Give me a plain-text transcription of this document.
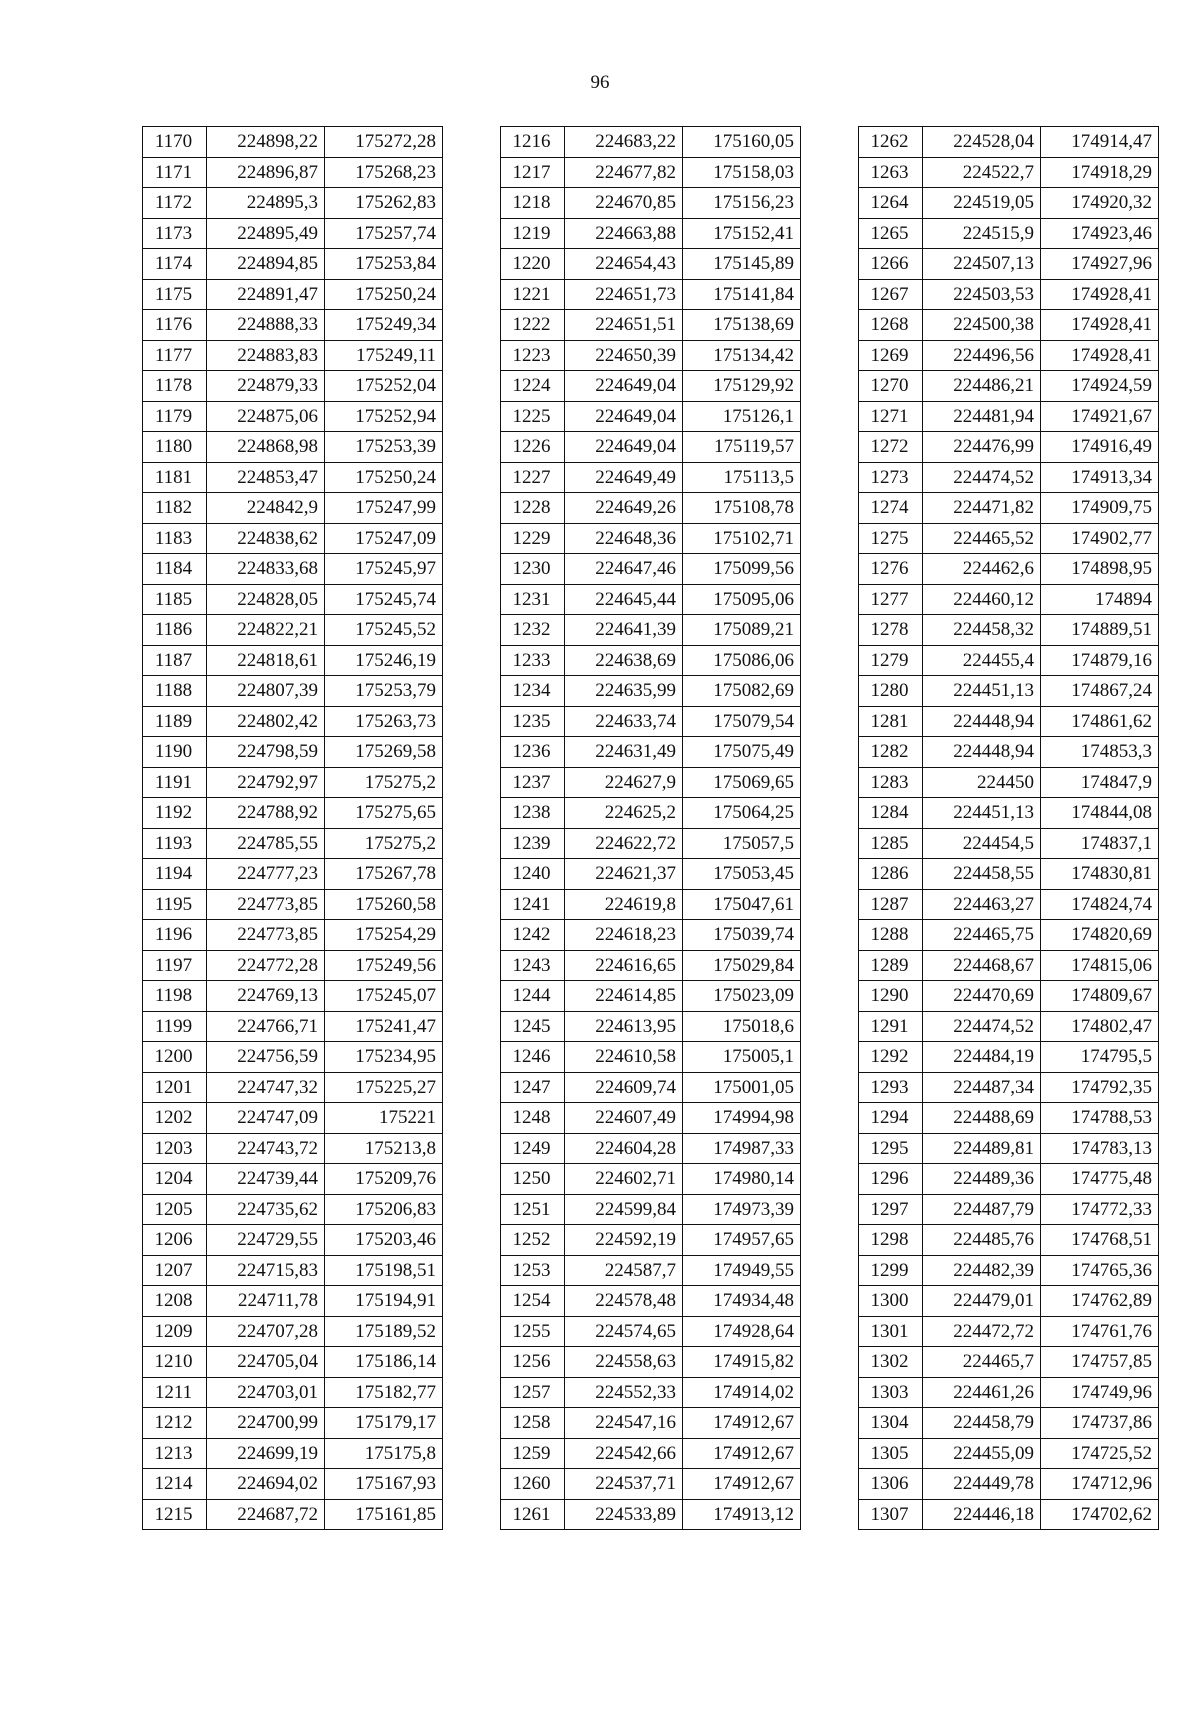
96
1170	224898,22	175272,28
1171	224896,87	175268,23
1172	224895,3	175262,83
1173	224895,49	175257,74
1174	224894,85	175253,84
1175	224891,47	175250,24
1176	224888,33	175249,34
1177	224883,83	175249,11
1178	224879,33	175252,04
1179	224875,06	175252,94
1180	224868,98	175253,39
1181	224853,47	175250,24
1182	224842,9	175247,99
1183	224838,62	175247,09
1184	224833,68	175245,97
1185	224828,05	175245,74
1186	224822,21	175245,52
1187	224818,61	175246,19
1188	224807,39	175253,79
1189	224802,42	175263,73
1190	224798,59	175269,58
1191	224792,97	175275,2
1192	224788,92	175275,65
1193	224785,55	175275,2
1194	224777,23	175267,78
1195	224773,85	175260,58
1196	224773,85	175254,29
1197	224772,28	175249,56
1198	224769,13	175245,07
1199	224766,71	175241,47
1200	224756,59	175234,95
1201	224747,32	175225,27
1202	224747,09	175221
1203	224743,72	175213,8
1204	224739,44	175209,76
1205	224735,62	175206,83
1206	224729,55	175203,46
1207	224715,83	175198,51
1208	224711,78	175194,91
1209	224707,28	175189,52
1210	224705,04	175186,14
1211	224703,01	175182,77
1212	224700,99	175179,17
1213	224699,19	175175,8
1214	224694,02	175167,93
1215	224687,72	175161,85
1216	224683,22	175160,05
1217	224677,82	175158,03
1218	224670,85	175156,23
1219	224663,88	175152,41
1220	224654,43	175145,89
1221	224651,73	175141,84
1222	224651,51	175138,69
1223	224650,39	175134,42
1224	224649,04	175129,92
1225	224649,04	175126,1
1226	224649,04	175119,57
1227	224649,49	175113,5
1228	224649,26	175108,78
1229	224648,36	175102,71
1230	224647,46	175099,56
1231	224645,44	175095,06
1232	224641,39	175089,21
1233	224638,69	175086,06
1234	224635,99	175082,69
1235	224633,74	175079,54
1236	224631,49	175075,49
1237	224627,9	175069,65
1238	224625,2	175064,25
1239	224622,72	175057,5
1240	224621,37	175053,45
1241	224619,8	175047,61
1242	224618,23	175039,74
1243	224616,65	175029,84
1244	224614,85	175023,09
1245	224613,95	175018,6
1246	224610,58	175005,1
1247	224609,74	175001,05
1248	224607,49	174994,98
1249	224604,28	174987,33
1250	224602,71	174980,14
1251	224599,84	174973,39
1252	224592,19	174957,65
1253	224587,7	174949,55
1254	224578,48	174934,48
1255	224574,65	174928,64
1256	224558,63	174915,82
1257	224552,33	174914,02
1258	224547,16	174912,67
1259	224542,66	174912,67
1260	224537,71	174912,67
1261	224533,89	174913,12
1262	224528,04	174914,47
1263	224522,7	174918,29
1264	224519,05	174920,32
1265	224515,9	174923,46
1266	224507,13	174927,96
1267	224503,53	174928,41
1268	224500,38	174928,41
1269	224496,56	174928,41
1270	224486,21	174924,59
1271	224481,94	174921,67
1272	224476,99	174916,49
1273	224474,52	174913,34
1274	224471,82	174909,75
1275	224465,52	174902,77
1276	224462,6	174898,95
1277	224460,12	174894
1278	224458,32	174889,51
1279	224455,4	174879,16
1280	224451,13	174867,24
1281	224448,94	174861,62
1282	224448,94	174853,3
1283	224450	174847,9
1284	224451,13	174844,08
1285	224454,5	174837,1
1286	224458,55	174830,81
1287	224463,27	174824,74
1288	224465,75	174820,69
1289	224468,67	174815,06
1290	224470,69	174809,67
1291	224474,52	174802,47
1292	224484,19	174795,5
1293	224487,34	174792,35
1294	224488,69	174788,53
1295	224489,81	174783,13
1296	224489,36	174775,48
1297	224487,79	174772,33
1298	224485,76	174768,51
1299	224482,39	174765,36
1300	224479,01	174762,89
1301	224472,72	174761,76
1302	224465,7	174757,85
1303	224461,26	174749,96
1304	224458,79	174737,86
1305	224455,09	174725,52
1306	224449,78	174712,96
1307	224446,18	174702,62
